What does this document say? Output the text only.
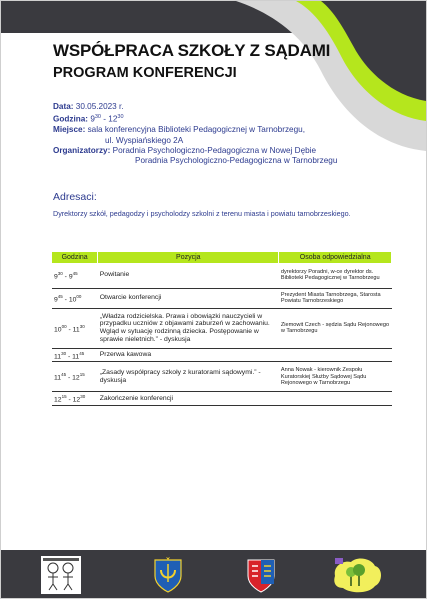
WSPÓŁPRACA SZKOŁY Z SĄDAMI
PROGRAM KONFERENCJI
Data: 30.05.2023 r.
Godzina: $9^{30} - 12^{30}$
Miejsce: sala konferencyjna Biblioteki Pedagogicznej w Tarnobrzegu,
ul. Wyspiańskiego 2A
Organizatorzy: Poradnia Psychologiczno-Pedagogiczna w Nowej Dębie
Poradnia Psychologiczno-Pedagogiczna w Tarnobrzegu
Adresaci:
Dyrektorzy szkół, pedagodzy i psycholodzy szkolni z terenu miasta i powiatu tarnobrzeskiego.
Godzina	Pozycja	Osoba odpowiedzialna
$9^{30} - 9^{45}$	Powitanie	dyrektorzy Poradni, w-ce dyrektor ds. Biblioteki Pedagogicznej w Tarnobrzegu
$9^{45} - 10^{00}$	Otwarcie konferencji	Prezydent Miasta Tarnobrzega, Starosta Powiatu Tarnobrzeskiego
$10^{00} - 11^{30}$	„Władza rodzicielska. Prawa i obowiązki nauczycieli w przypadku uczniów z objawami zaburzeń w zachowaniu. Wgląd w sytuację rodzinną dziecka. Postępowanie w sprawie nieletnich.” - dyskusja	Ziemowit Czech - sędzia Sądu Rejonowego w Tarnobrzegu
$11^{30} - 11^{45}$	Przerwa kawowa	
$11^{45} - 12^{15}$	„Zasady współpracy szkoły z kuratorami sądowymi.” - dyskusja	Anna Nowak - kierownik Zespołu Kuratorskiej Służby Sądowej Sądu Rejonowego w Tarnobrzegu
$12^{15} - 12^{30}$	Zakończenie konferencji	
